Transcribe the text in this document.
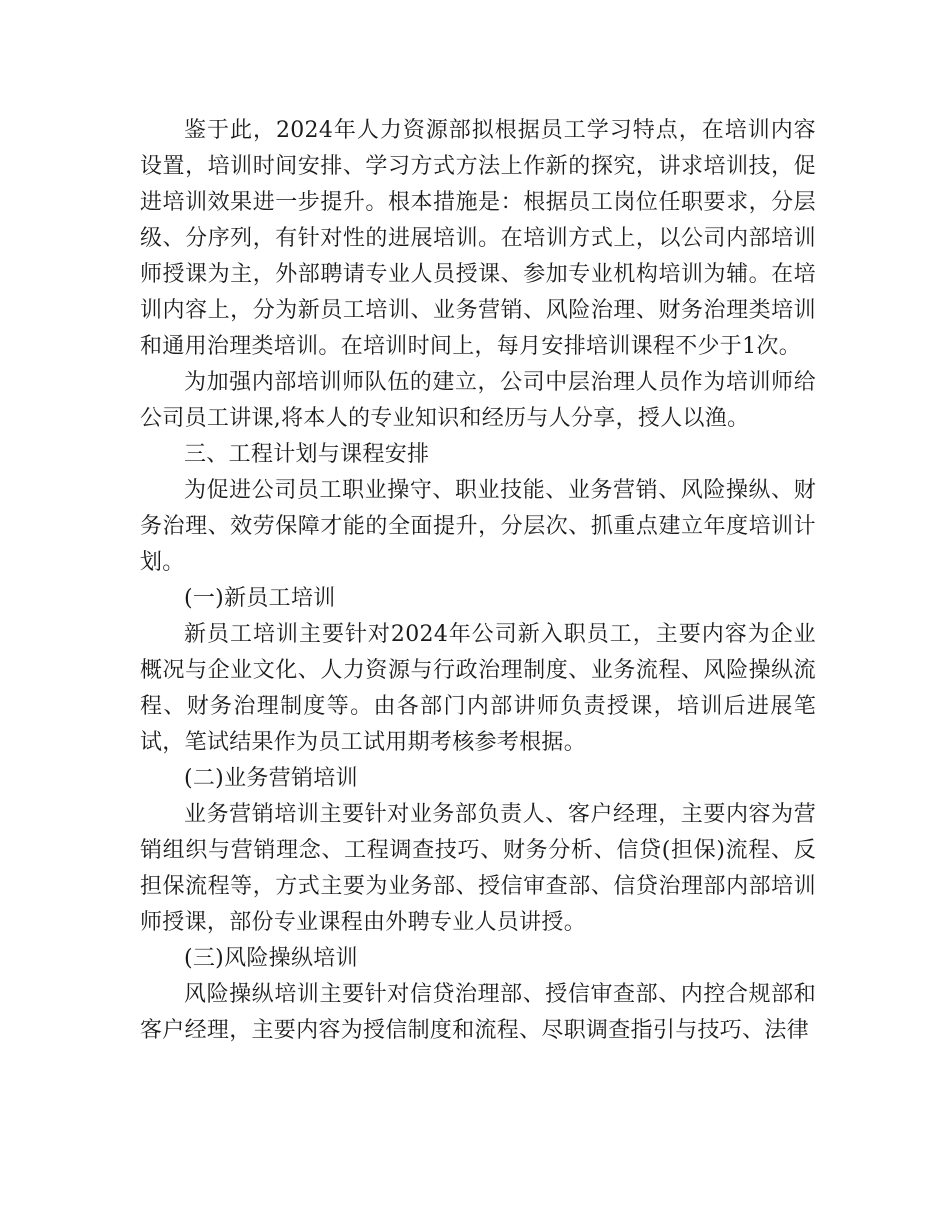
鉴于此，2024年人力资源部拟根据员工学习特点，在培训内容设置，培训时间安排、学习方式方法上作新的探究，讲求培训技，促进培训效果进一步提升。根本措施是：根据员工岗位任职要求，分层级、分序列，有针对性的进展培训。在培训方式上，以公司内部培训师授课为主，外部聘请专业人员授课、参加专业机构培训为辅。在培训内容上，分为新员工培训、业务营销、风险治理、财务治理类培训和通用治理类培训。在培训时间上，每月安排培训课程不少于1次。

为加强内部培训师队伍的建立，公司中层治理人员作为培训师给公司员工讲课,将本人的专业知识和经历与人分享，授人以渔。

三、工程计划与课程安排

为促进公司员工职业操守、职业技能、业务营销、风险操纵、财务治理、效劳保障才能的全面提升，分层次、抓重点建立年度培训计划。

(一)新员工培训

新员工培训主要针对2024年公司新入职员工，主要内容为企业概况与企业文化、人力资源与行政治理制度、业务流程、风险操纵流程、财务治理制度等。由各部门内部讲师负责授课，培训后进展笔试，笔试结果作为员工试用期考核参考根据。

(二)业务营销培训

业务营销培训主要针对业务部负责人、客户经理，主要内容为营销组织与营销理念、工程调查技巧、财务分析、信贷(担保)流程、反担保流程等，方式主要为业务部、授信审查部、信贷治理部内部培训师授课，部份专业课程由外聘专业人员讲授。

(三)风险操纵培训

风险操纵培训主要针对信贷治理部、授信审查部、内控合规部和客户经理，主要内容为授信制度和流程、尽职调查指引与技巧、法律
